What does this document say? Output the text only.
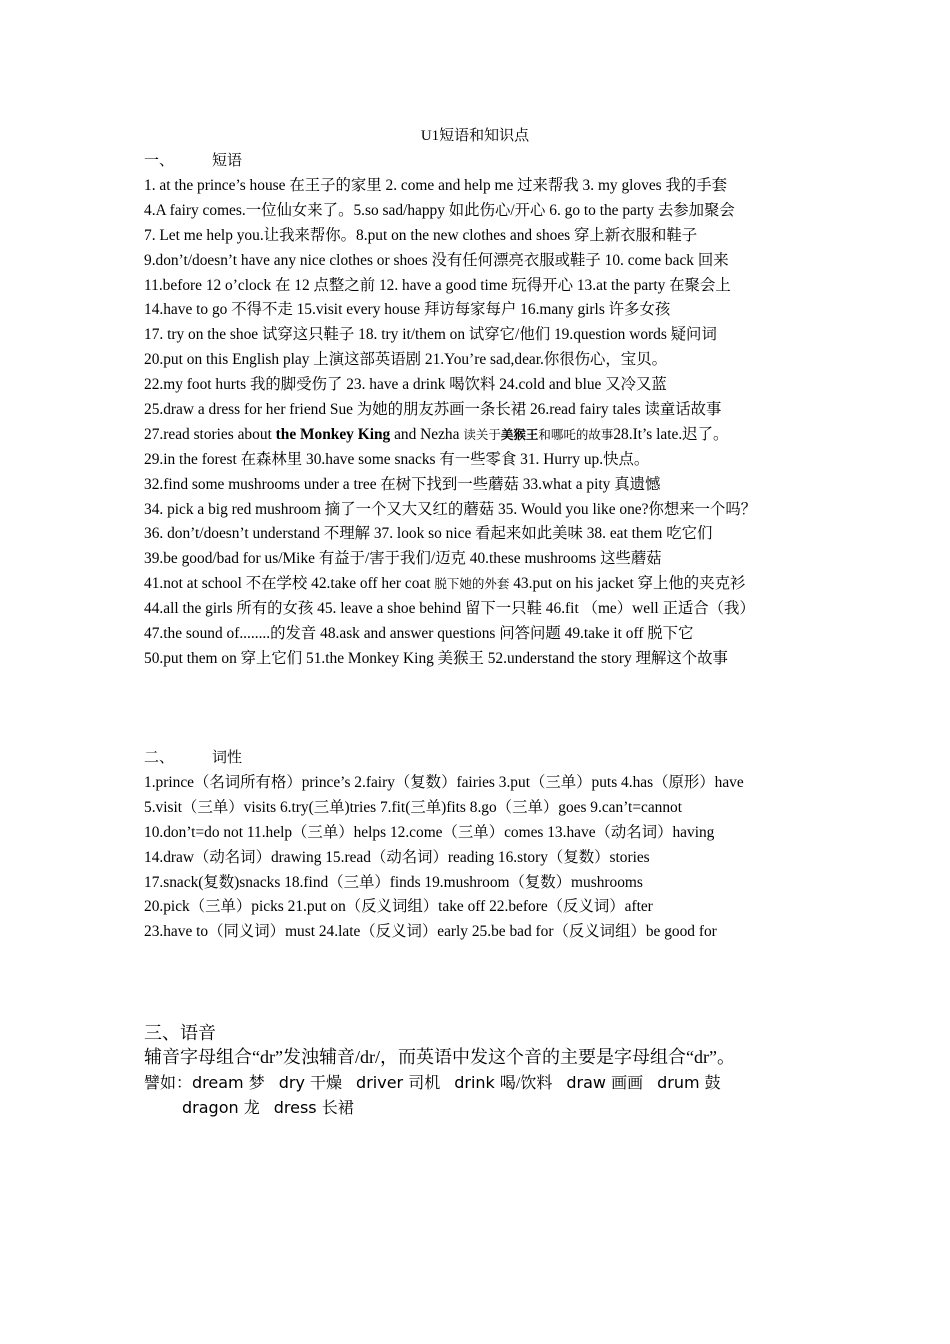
U1短语和知识点
一、	短语
1. at the prince’s house 在王子的家里 2. come and help me 过来帮我 3. my gloves 我的手套
4.A fairy comes.一位仙女来了。5.so sad/happy 如此伤心/开心 6. go to the party 去参加聚会
7. Let me help you.让我来帮你。8.put on the new clothes and shoes 穿上新衣服和鞋子
9.don’t/doesn’t have any nice clothes or shoes 没有任何漂亮衣服或鞋子 10. come back 回来
11.before 12 o’clock 在 12 点整之前 12. have a good time 玩得开心 13.at the party 在聚会上
14.have to go 不得不走 15.visit every house 拜访每家每户 16.many girls 许多女孩
17. try on the shoe 试穿这只鞋子 18. try it/them on 试穿它/他们 19.question words 疑问词
20.put on this English play 上演这部英语剧 21.You’re sad,dear.你很伤心，宝贝。
22.my foot hurts 我的脚受伤了 23. have a drink 喝饮料 24.cold and blue 又冷又蓝
25.draw a dress for her friend Sue 为她的朋友苏画一条长裙 26.read fairy tales 读童话故事
27.read stories about the Monkey King and Nezha 读关于美猴王和哪吒的故事28.It’s late.迟了。
29.in the forest 在森林里 30.have some snacks 有一些零食 31. Hurry up.快点。
32.find some mushrooms under a tree 在树下找到一些蘑菇 33.what a pity 真遗憾
34. pick a big red mushroom 摘了一个又大又红的蘑菇 35. Would you like one?你想来一个吗？
36. don’t/doesn’t understand 不理解 37. look so nice 看起来如此美味 38. eat them 吃它们
39.be good/bad for us/Mike 有益于/害于我们/迈克 40.these mushrooms 这些蘑菇
41.not at school 不在学校 42.take off her coat 脱下她的外套 43.put on his jacket 穿上他的夹克衫
44.all the girls 所有的女孩 45. leave a shoe behind 留下一只鞋 46.fit （me）well 正适合（我）
47.the sound of........的发音 48.ask and answer questions 问答问题 49.take it off 脱下它
50.put them on 穿上它们 51.the Monkey King 美猴王 52.understand the story 理解这个故事
二、	词性
1.prince（名词所有格）prince’s 2.fairy（复数）fairies 3.put（三单）puts 4.has（原形）have
5.visit（三单）visits 6.try(三单)tries 7.fit(三单)fits 8.go（三单）goes 9.can’t=cannot
10.don’t=do not 11.help（三单）helps 12.come（三单）comes 13.have（动名词）having
14.draw（动名词）drawing 15.read（动名词）reading 16.story（复数）stories
17.snack(复数)snacks 18.find（三单）finds 19.mushroom（复数）mushrooms
20.pick（三单）picks 21.put on（反义词组）take off 22.before（反义词）after
23.have to（同义词）must 24.late（反义词）early 25.be bad for（反义词组）be good for
三、语音
辅音字母组合“dr”发浊辅音/dr/，而英语中发这个音的主要是字母组合“dr”。
譬如：dream 梦 dry 干燥 driver 司机 drink 喝/饮料 draw 画画 drum 鼓
dragon 龙 dress 长裙
